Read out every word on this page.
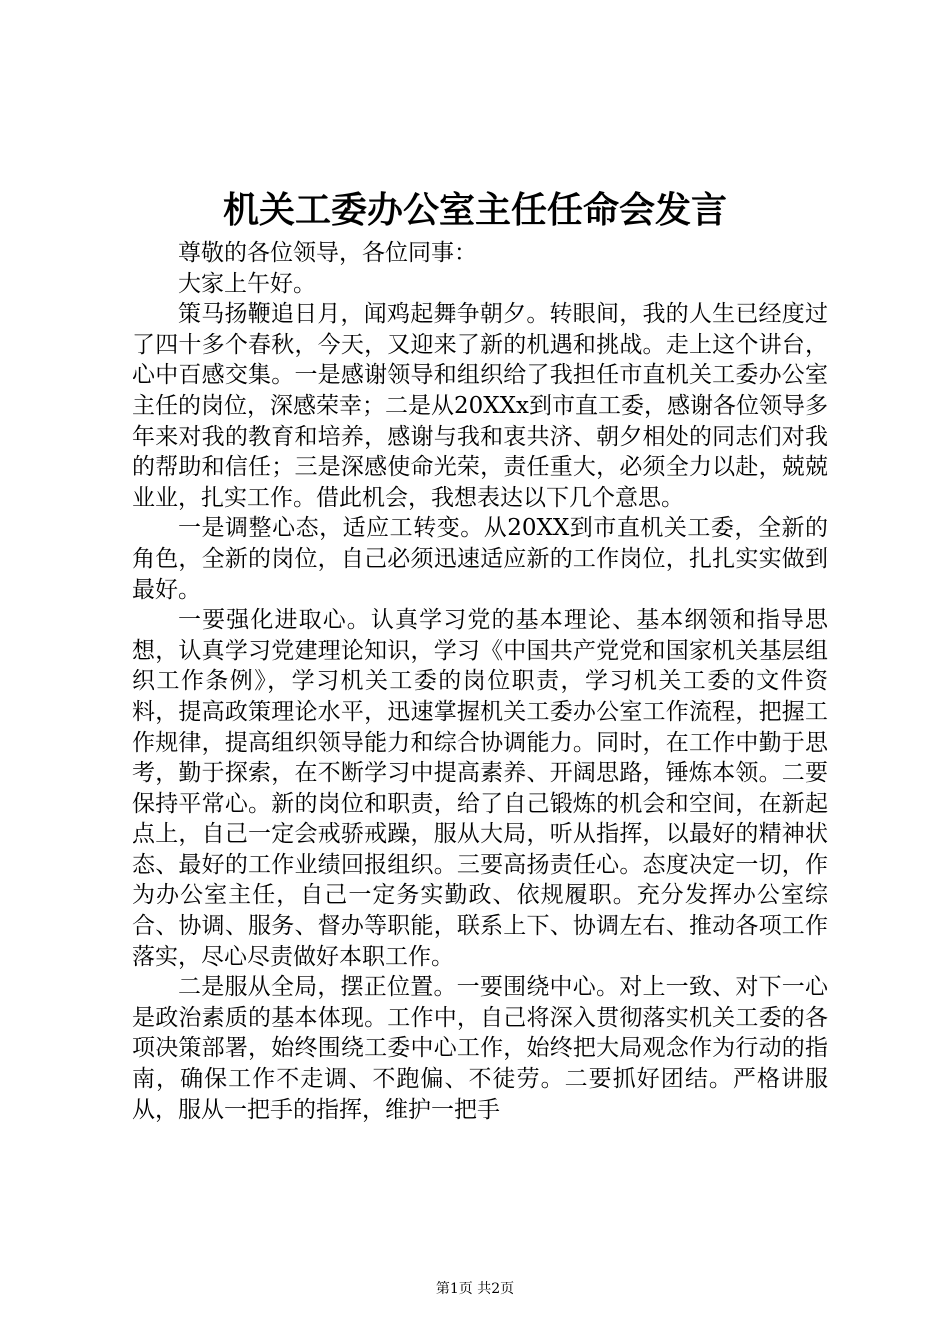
机关工委办公室主任任命会发言

尊敬的各位领导，各位同事：

大家上午好。

策马扬鞭追日月，闻鸡起舞争朝夕。转眼间，我的人生已经度过了四十多个春秋，今天，又迎来了新的机遇和挑战。走上这个讲台，心中百感交集。一是感谢领导和组织给了我担任市直机关工委办公室主任的岗位，深感荣幸；二是从20XXx到市直工委，感谢各位领导多年来对我的教育和培养，感谢与我和衷共济、朝夕相处的同志们对我的帮助和信任；三是深感使命光荣，责任重大，必须全力以赴，兢兢业业，扎实工作。借此机会，我想表达以下几个意思。

一是调整心态，适应工转变。从20XX到市直机关工委，全新的角色，全新的岗位，自己必须迅速适应新的工作岗位，扎扎实实做到最好。

一要强化进取心。认真学习党的基本理论、基本纲领和指导思想，认真学习党建理论知识，学习《中国共产党党和国家机关基层组织工作条例》，学习机关工委的岗位职责，学习机关工委的文件资料，提高政策理论水平，迅速掌握机关工委办公室工作流程，把握工作规律，提高组织领导能力和综合协调能力。同时，在工作中勤于思考，勤于探索，在不断学习中提高素养、开阔思路，锤炼本领。二要保持平常心。新的岗位和职责，给了自己锻炼的机会和空间，在新起点上，自己一定会戒骄戒躁，服从大局，听从指挥，以最好的精神状态、最好的工作业绩回报组织。三要高扬责任心。态度决定一切，作为办公室主任，自己一定务实勤政、依规履职。充分发挥办公室综合、协调、服务、督办等职能，联系上下、协调左右、推动各项工作落实，尽心尽责做好本职工作。

二是服从全局，摆正位置。一要围绕中心。对上一致、对下一心是政治素质的基本体现。工作中，自己将深入贯彻落实机关工委的各项决策部署，始终围绕工委中心工作，始终把大局观念作为行动的指南，确保工作不走调、不跑偏、不徒劳。二要抓好团结。严格讲服从，服从一把手的指挥，维护一把手

第1页 共2页
